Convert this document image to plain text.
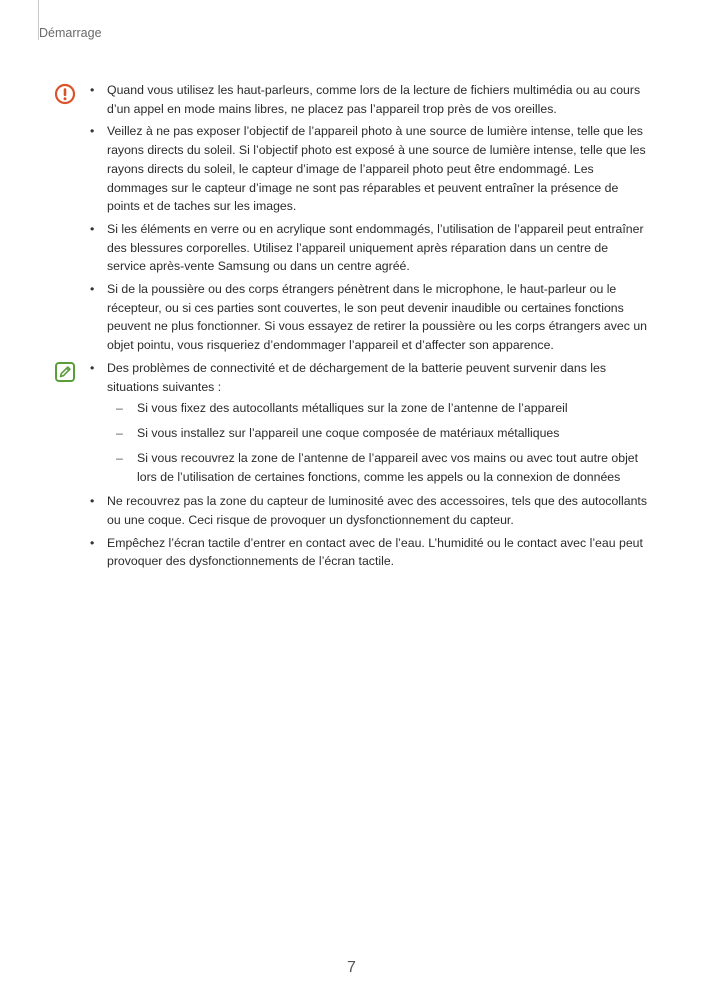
Démarrage
• Quand vous utilisez les haut-parleurs, comme lors de la lecture de fichiers multimédia ou au cours d’un appel en mode mains libres, ne placez pas l’appareil trop près de vos oreilles.
• Veillez à ne pas exposer l’objectif de l’appareil photo à une source de lumière intense, telle que les rayons directs du soleil. Si l’objectif photo est exposé à une source de lumière intense, telle que les rayons directs du soleil, le capteur d’image de l’appareil photo peut être endommagé. Les dommages sur le capteur d’image ne sont pas réparables et peuvent entraîner la présence de points et de taches sur les images.
• Si les éléments en verre ou en acrylique sont endommagés, l’utilisation de l’appareil peut entraîner des blessures corporelles. Utilisez l’appareil uniquement après réparation dans un centre de service après-vente Samsung ou dans un centre agréé.
• Si de la poussière ou des corps étrangers pénètrent dans le microphone, le haut-parleur ou le récepteur, ou si ces parties sont couvertes, le son peut devenir inaudible ou certaines fonctions peuvent ne plus fonctionner. Si vous essayez de retirer la poussière ou les corps étrangers avec un objet pointu, vous risqueriez d’endommager l’appareil et d’affecter son apparence.
• Des problèmes de connectivité et de déchargement de la batterie peuvent survenir dans les situations suivantes :
– Si vous fixez des autocollants métalliques sur la zone de l’antenne de l’appareil
– Si vous installez sur l’appareil une coque composée de matériaux métalliques
– Si vous recouvrez la zone de l’antenne de l’appareil avec vos mains ou avec tout autre objet lors de l’utilisation de certaines fonctions, comme les appels ou la connexion de données
• Ne recouvrez pas la zone du capteur de luminosité avec des accessoires, tels que des autocollants ou une coque. Ceci risque de provoquer un dysfonctionnement du capteur.
• Empêchez l’écran tactile d’entrer en contact avec de l’eau. L’humidité ou le contact avec l’eau peut provoquer des dysfonctionnements de l’écran tactile.
7
